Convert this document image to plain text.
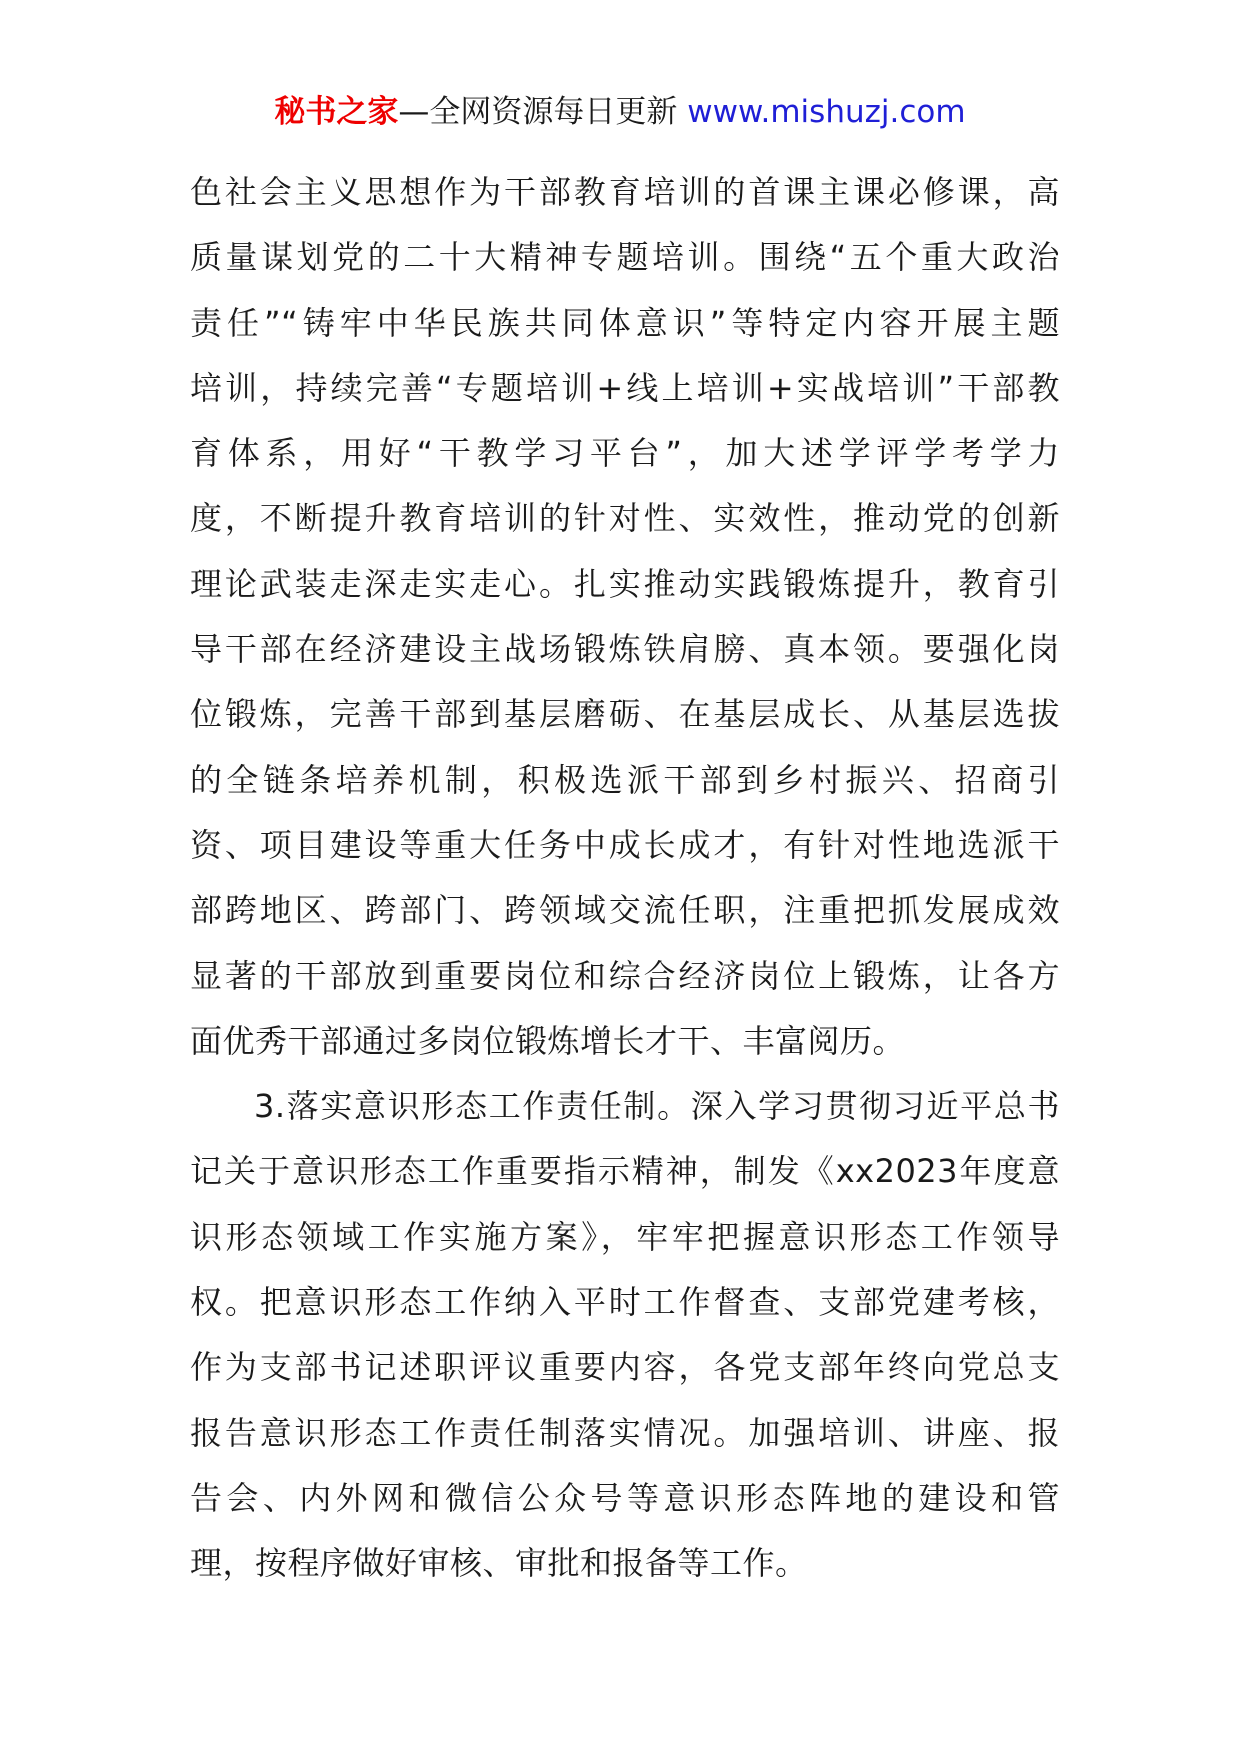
秘书之家—全网资源每日更新 www.mishuzj.com
色社会主义思想作为干部教育培训的首课主课必修课，高
质量谋划党的二十大精神专题培训。围绕“五个重大政治
责任”“铸牢中华民族共同体意识”等特定内容开展主题
培训，持续完善“专题培训+线上培训+实战培训”干部教
育体系，用好“干教学习平台”，加大述学评学考学力
度，不断提升教育培训的针对性、实效性，推动党的创新
理论武装走深走实走心。扎实推动实践锻炼提升，教育引
导干部在经济建设主战场锻炼铁肩膀、真本领。要强化岗
位锻炼，完善干部到基层磨砺、在基层成长、从基层选拔
的全链条培养机制，积极选派干部到乡村振兴、招商引
资、项目建设等重大任务中成长成才，有针对性地选派干
部跨地区、跨部门、跨领域交流任职，注重把抓发展成效
显著的干部放到重要岗位和综合经济岗位上锻炼，让各方
面优秀干部通过多岗位锻炼增长才干、丰富阅历。
3.落实意识形态工作责任制。深入学习贯彻习近平总书
记关于意识形态工作重要指示精神，制发《xx2023年度意
识形态领域工作实施方案》，牢牢把握意识形态工作领导
权。把意识形态工作纳入平时工作督查、支部党建考核，
作为支部书记述职评议重要内容，各党支部年终向党总支
报告意识形态工作责任制落实情况。加强培训、讲座、报
告会、内外网和微信公众号等意识形态阵地的建设和管
理，按程序做好审核、审批和报备等工作。
